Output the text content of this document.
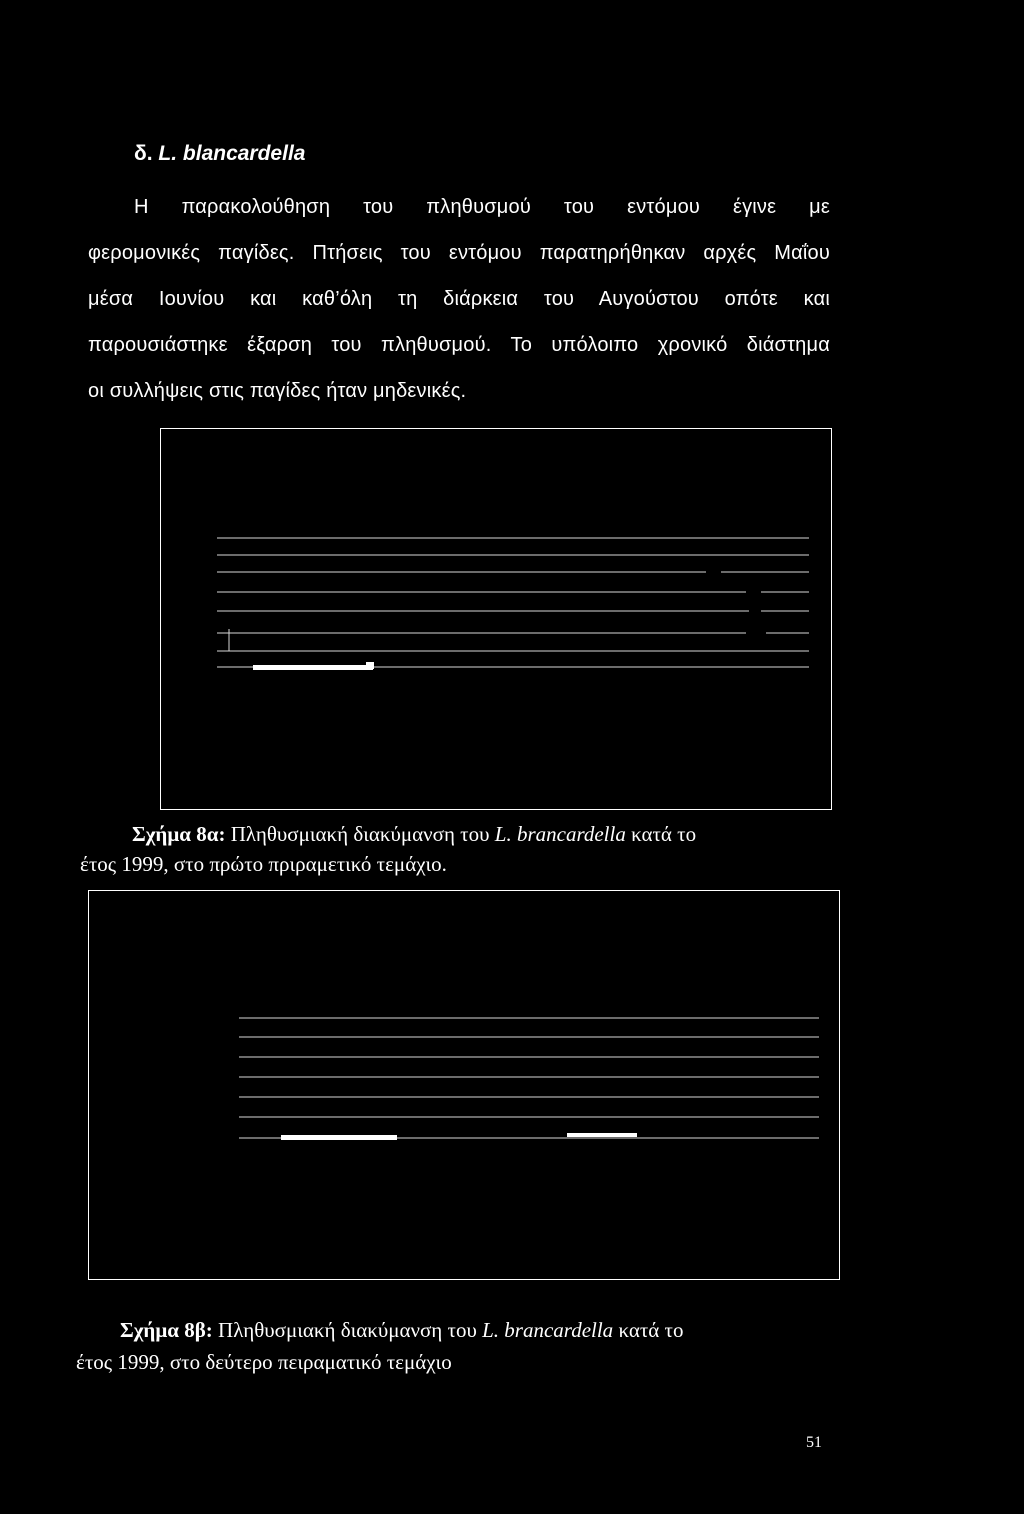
δ. L. blancardella
Η παρακολούθηση του πληθυσμού του εντόμου έγινε με
φερομονικές παγίδες. Πτήσεις του εντόμου παρατηρήθηκαν αρχές Μαΐου
μέσα Ιουνίου και καθ’όλη τη διάρκεια του Αυγούστου οπότε και
παρουσιάστηκε έξαρση του πληθυσμού. Το υπόλοιπο χρονικό διάστημα
οι συλλήψεις στις παγίδες ήταν μηδενικές.
Σχήμα 8α: Πληθυσμιακή διακύμανση του L. brancardella κατά το
έτος 1999, στο πρώτο πριραμετικό τεμάχιο.
Σχήμα 8β: Πληθυσμιακή διακύμανση του L. brancardella κατά το
έτος 1999, στο δεύτερο πειραματικό τεμάχιο
51
